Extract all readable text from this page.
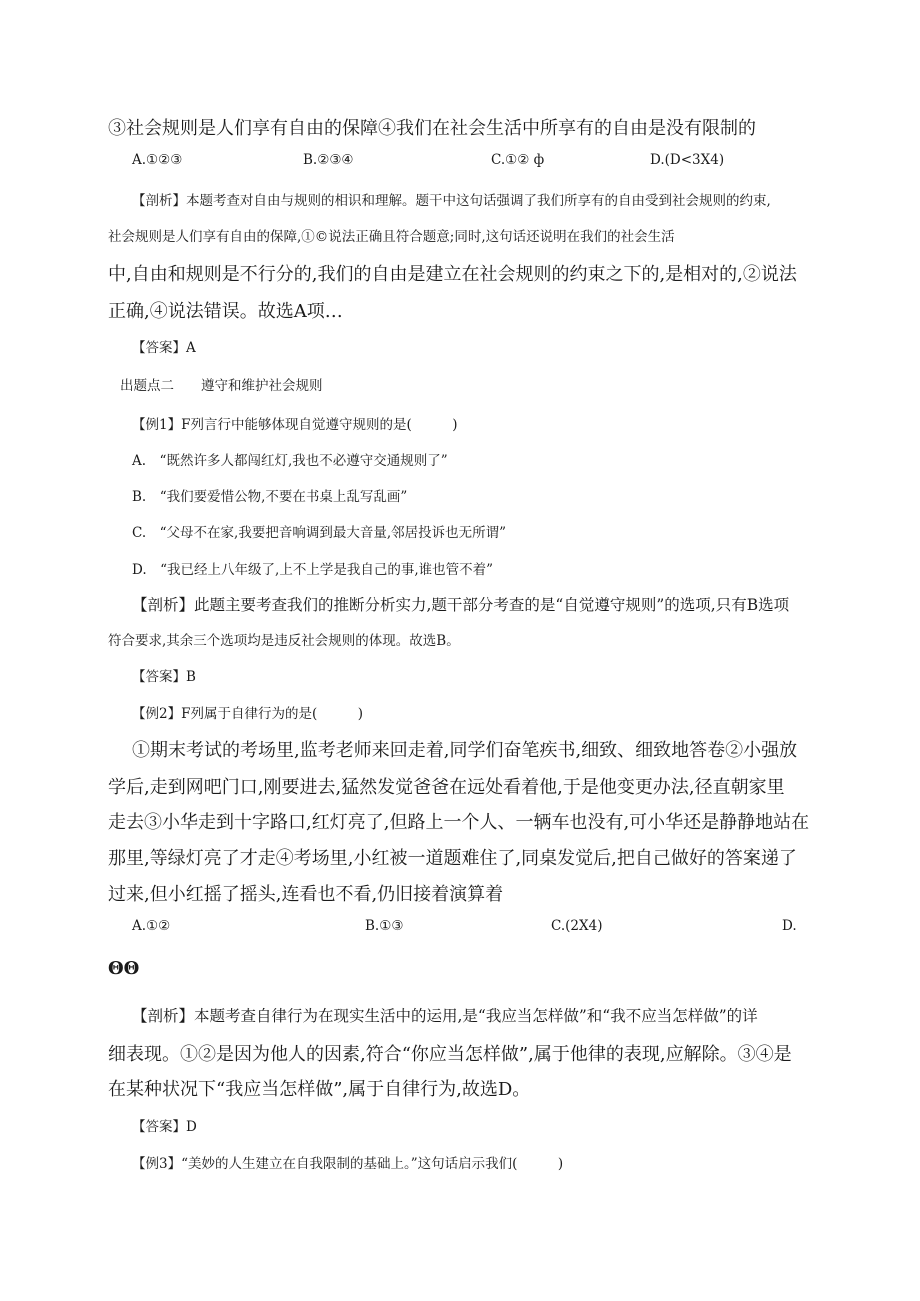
③社会规则是人们享有自由的保障④我们在社会生活中所享有的自由是没有限制的
A.①②③	B.②③④	C.①② ф	D.(D<3X4)
【剖析】本题考查对自由与规则的相识和理解。题干中这句话强调了我们所享有的自由受到社会规则的约束,
社会规则是人们享有自由的保障,①©说法正确且符合题意;同时,这句话还说明在我们的社会生活
中,自由和规则是不行分的,我们的自由是建立在社会规则的约束之下的,是相对的,②说法
正确,④说法错误。故选A项…
【答案】A
出题点二　　遵守和维护社会规则
【例1】F列言行中能够体现自觉遵守规则的是(　　　)
A.　“既然许多人都闯红灯,我也不必遵守交通规则了”
B.　“我们要爱惜公物,不要在书桌上乱写乱画”
C.　“父母不在家,我要把音响调到最大音量,邻居投诉也无所谓”
D.　“我已经上八年级了,上不上学是我自己的事,谁也管不着”
【剖析】此题主要考查我们的推断分析实力,题干部分考查的是“自觉遵守规则”的选项,只有B选项
符合要求,其余三个选项均是违反社会规则的体现。故选B。
【答案】B
【例2】F列属于自律行为的是(　　　)
①期末考试的考场里,监考老师来回走着,同学们奋笔疾书,细致、细致地答卷②小强放
学后,走到网吧门口,刚要进去,猛然发觉爸爸在远处看着他,于是他变更办法,径直朝家里
走去③小华走到十字路口,红灯亮了,但路上一个人、一辆车也没有,可小华还是静静地站在
那里,等绿灯亮了才走④考场里,小红被一道题难住了,同桌发觉后,把自己做好的答案递了
过来,但小红摇了摇头,连看也不看,仍旧接着演算着
A.①②	B.①③	C.(2X4)	D.
ΘΘ
【剖析】本题考查自律行为在现实生活中的运用,是“我应当怎样做”和“我不应当怎样做”的详
细表现。①②是因为他人的因素,符合“你应当怎样做”,属于他律的表现,应解除。③④是
在某种状况下“我应当怎样做”,属于自律行为,故选D。
【答案】D
【例3】“美妙的人生建立在自我限制的基础上。”这句话启示我们(　　　)
